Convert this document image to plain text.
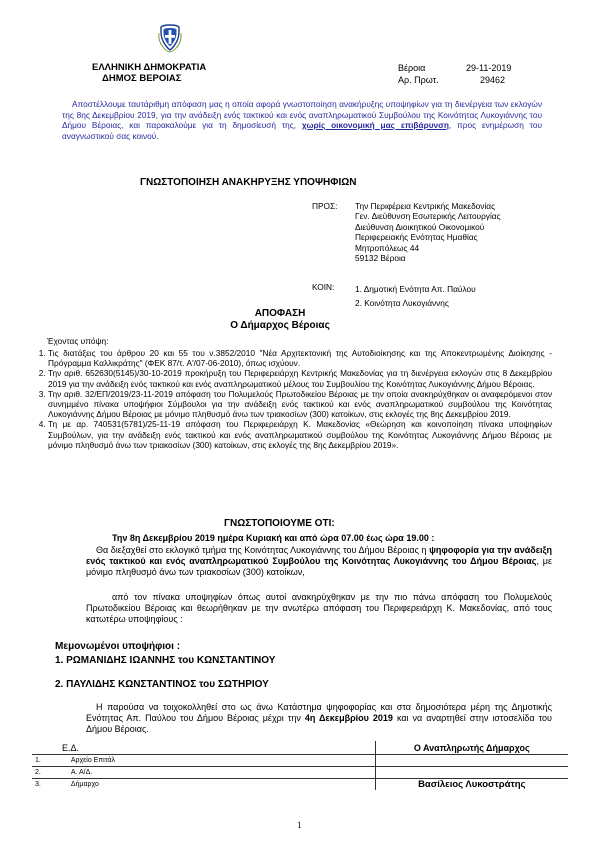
ΕΛΛΗΝΙΚΗ ΔΗΜΟΚΡΑΤΙΑ
ΔΗΜΟΣ ΒΕΡΟΙΑΣ
Βέροια	29-11-2019
Αρ. Πρωτ.	29462
Αποστέλλουμε ταυτάριθμη απόφαση μας η οποία αφορά γνωστοποίηση ανακήρυξης υποψηφίων για τη διενέργεια των εκλογών της 8ης Δεκεμβρίου 2019, για την ανάδειξη ενός τακτικού και ενός αναπληρωματικού Συμβούλου της Κοινότητας Λυκογιάννης του Δήμου Βέροιας, και παρακαλούμε για τη δημοσίευσή της, χωρίς οικονομική μας επιβάρυνση, προς ενημέρωση του αναγνωστικού σας κοινού.
ΓΝΩΣΤΟΠΟΙΗΣΗ ΑΝΑΚΗΡΥΞΗΣ ΥΠΟΨΗΦΙΩΝ
ΠΡΟΣ: Την Περιφέρεια Κεντρικής Μακεδονίας
Γεν. Διεύθυνση Εσωτερικής Λειτουργίας
Διεύθυνση Διοικητικού Οικονομικού
Περιφερειακής Ενότητας Ημαθίας
Μητροπόλεως 44
59132 Βέροια
ΚΟΙΝ: 1. Δημοτική Ενότητα Απ. Παύλου
2. Κοινότητα Λυκογιάννης
ΑΠΟΦΑΣΗ
Ο Δήμαρχος Βέροιας
Έχοντας υπόψη:
1. Τις διατάξεις του άρθρου 20 και 55 του ν.3852/2010 "Νέα Αρχιτεκτονική της Αυτοδιοίκησης και της Αποκεντρωμένης Διοίκησης - Πρόγραμμα Καλλικράτης" (ΦΕΚ 87/τ. Α'/07-06-2010), όπως ισχύουν.
2. Την αριθ. 652630(5145)/30-10-2019 προκήρυξη του Περιφερειάρχη Κεντρικής Μακεδονίας για τη διενέργεια εκλογών στις 8 Δεκεμβρίου 2019 για την ανάδειξη ενός τακτικού και ενός αναπληρωματικού μέλους του Συμβουλίου της Κοινότητας Λυκογιάννης Δήμου Βέροιας.
3. Την αριθ. 32/ΕΠ/2019/23-11-2019 απόφαση του Πολυμελούς Πρωτοδικείου Βέροιας με την οποία ανακηρύχθηκαν οι αναφερόμενοι στον συνημμένο πίνακα υποψήφιοι Σύμβουλοι για την ανάδειξη ενός τακτικού και ενός αναπληρωματικού συμβούλου της Κοινότητας Λυκογιάννης Δήμου Βέροιας με μόνιμο πληθυσμό άνω των τριακοσίων (300) κατοίκων, στις εκλογές της 8ης Δεκεμβρίου 2019.
4. Τη με αρ. 740531(5781)/25-11-19 απόφαση του Περιφερειάρχη Κ. Μακεδονίας «Θεώρηση και κοινοποίηση πίνακα υποψηφίων Συμβούλων, για την ανάδειξη ενός τακτικού και ενός αναπληρωματικού συμβούλου της Κοινότητας Λυκογιάννης Δήμου Βέροιας με μόνιμο πληθυσμό άνω των τριακοσίων (300) κατοίκων, στις εκλογές της 8ης Δεκεμβρίου 2019».
ΓΝΩΣΤΟΠΟΙΟΥΜΕ ΟΤΙ:
Την 8η Δεκεμβρίου 2019 ημέρα Κυριακή και από ώρα 07.00 έως ώρα 19.00 :
Θα διεξαχθεί στο εκλογικό τμήμα της Κοινότητας Λυκογιάννης του Δήμου Βέροιας η ψηφοφορία για την ανάδειξη ενός τακτικού και ενός αναπληρωματικού Συμβούλου της Κοινότητας Λυκογιάννης του Δήμου Βέροιας, με μόνιμο πληθυσμό άνω των τριακοσίων (300) κατοίκων,
από τον πίνακα υποψηφίων όπως αυτοί ανακηρύχθηκαν με την πιο πάνω απόφαση του Πολυμελούς Πρωτοδικείου Βέροιας και θεωρήθηκαν με την ανωτέρω απόφαση του Περιφερειάρχη Κ. Μακεδονίας, από τους κατωτέρω υποψηφίους :
Μεμονωμένοι υποψήφιοι :
1. ΡΩΜΑΝΙΔΗΣ ΙΩΑΝΝΗΣ του ΚΩΝΣΤΑΝΤΙΝΟΥ
2. ΠΑΥΛΙΔΗΣ ΚΩΝΣΤΑΝΤΙΝΟΣ του ΣΩΤΗΡΙΟΥ
Η παρούσα να τοιχοκολληθεί στο ως άνω Κατάστημα ψηφοφορίας και στα δημοσιότερα μέρη της Δημοτικής Ενότητας Απ. Παύλου του Δήμου Βέροιας μέχρι την 4η Δεκεμβρίου 2019 και να αναρτηθεί στην ιστοσελίδα του Δήμου Βέροιας.
Ε.Δ.	Ο Αναπληρωτής Δήμαρχος
1. Αρχείο Επιτάλ	
2. Α. Α/Δ.	
3. Δήμαρχο	Βασίλειος Λυκοστράτης
1
